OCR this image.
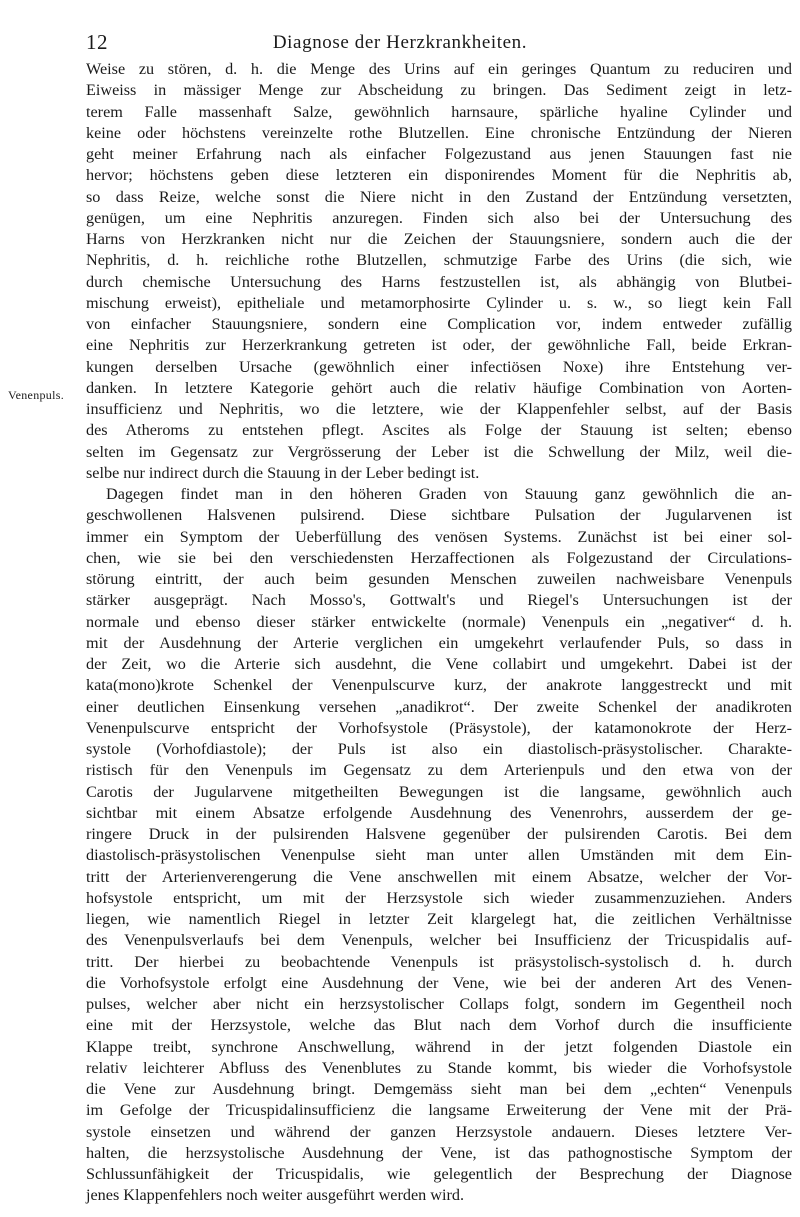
12	Diagnose der Herzkrankheiten.
Venenpuls.

Weise zu stören, d. h. die Menge des Urins auf ein geringes Quantum zu reduciren und
Eiweiss in mässiger Menge zur Abscheidung zu bringen. Das Sediment zeigt in letz-
terem Falle massenhaft Salze, gewöhnlich harnsaure, spärliche hyaline Cylinder und
keine oder höchstens vereinzelte rothe Blutzellen. Eine chronische Entzündung der Nieren
geht meiner Erfahrung nach als einfacher Folgezustand aus jenen Stauungen fast nie
hervor; höchstens geben diese letzteren ein disponirendes Moment für die Nephritis ab,
so dass Reize, welche sonst die Niere nicht in den Zustand der Entzündung versetzten,
genügen, um eine Nephritis anzuregen. Finden sich also bei der Untersuchung des
Harns von Herzkranken nicht nur die Zeichen der Stauungsniere, sondern auch die der
Nephritis, d. h. reichliche rothe Blutzellen, schmutzige Farbe des Urins (die sich, wie
durch chemische Untersuchung des Harns festzustellen ist, als abhängig von Blutbei-
mischung erweist), epitheliale und metamorphosirte Cylinder u. s. w., so liegt kein Fall
von einfacher Stauungsniere, sondern eine Complication vor, indem entweder zufällig
eine Nephritis zur Herzerkrankung getreten ist oder, der gewöhnliche Fall, beide Erkran-
kungen derselben Ursache (gewöhnlich einer infectiösen Noxe) ihre Entstehung ver-
danken. In letztere Kategorie gehört auch die relativ häufige Combination von Aorten-
insufficienz und Nephritis, wo die letztere, wie der Klappenfehler selbst, auf der Basis
des Atheroms zu entstehen pflegt. Ascites als Folge der Stauung ist selten; ebenso
selten im Gegensatz zur Vergrösserung der Leber ist die Schwellung der Milz, weil die-
selbe nur indirect durch die Stauung in der Leber bedingt ist.

Dagegen findet man in den höheren Graden von Stauung ganz gewöhnlich die an-
geschwollenen Halsvenen pulsirend. Diese sichtbare Pulsation der Jugularvenen ist
immer ein Symptom der Ueberfüllung des venösen Systems. Zunächst ist bei einer sol-
chen, wie sie bei den verschiedensten Herzaffectionen als Folgezustand der Circulations-
störung eintritt, der auch beim gesunden Menschen zuweilen nachweisbare Venenpuls
stärker ausgeprägt. Nach Mosso's, Gottwalt's und Riegel's Untersuchungen ist der
normale und ebenso dieser stärker entwickelte (normale) Venenpuls ein „negativer“ d. h.
mit der Ausdehnung der Arterie verglichen ein umgekehrt verlaufender Puls, so dass in
der Zeit, wo die Arterie sich ausdehnt, die Vene collabirt und umgekehrt. Dabei ist der
kata(mono)krote Schenkel der Venenpulscurve kurz, der anakrote langgestreckt und mit
einer deutlichen Einsenkung versehen „anadikrot“. Der zweite Schenkel der anadikroten
Venenpulscurve entspricht der Vorhofsystole (Präsystole), der katamonokrote der Herz-
systole (Vorhofdiastole); der Puls ist also ein diastolisch-präsystolischer. Charakte-
ristisch für den Venenpuls im Gegensatz zu dem Arterienpuls und den etwa von der
Carotis der Jugularvene mitgetheilten Bewegungen ist die langsame, gewöhnlich auch
sichtbar mit einem Absatze erfolgende Ausdehnung des Venenrohrs, ausserdem der ge-
ringere Druck in der pulsirenden Halsvene gegenüber der pulsirenden Carotis. Bei dem
diastolisch-präsystolischen Venenpulse sieht man unter allen Umständen mit dem Ein-
tritt der Arterienverengerung die Vene anschwellen mit einem Absatze, welcher der Vor-
hofsystole entspricht, um mit der Herzsystole sich wieder zusammenzuziehen. Anders
liegen, wie namentlich Riegel in letzter Zeit klargelegt hat, die zeitlichen Verhältnisse
des Venenpulsverlaufs bei dem Venenpuls, welcher bei Insufficienz der Tricuspidalis auf-
tritt. Der hierbei zu beobachtende Venenpuls ist präsystolisch-systolisch d. h. durch
die Vorhofsystole erfolgt eine Ausdehnung der Vene, wie bei der anderen Art des Venen-
pulses, welcher aber nicht ein herzsystolischer Collaps folgt, sondern im Gegentheil noch
eine mit der Herzsystole, welche das Blut nach dem Vorhof durch die insufficiente
Klappe treibt, synchrone Anschwellung, während in der jetzt folgenden Diastole ein
relativ leichterer Abfluss des Venenblutes zu Stande kommt, bis wieder die Vorhofsystole
die Vene zur Ausdehnung bringt. Demgemäss sieht man bei dem „echten“ Venenpuls
im Gefolge der Tricuspidalinsufficienz die langsame Erweiterung der Vene mit der Prä-
systole einsetzen und während der ganzen Herzsystole andauern. Dieses letztere Ver-
halten, die herzsystolische Ausdehnung der Vene, ist das pathognostische Symptom der
Schlussunfähigkeit der Tricuspidalis, wie gelegentlich der Besprechung der Diagnose
jenes Klappenfehlers noch weiter ausgeführt werden wird.
